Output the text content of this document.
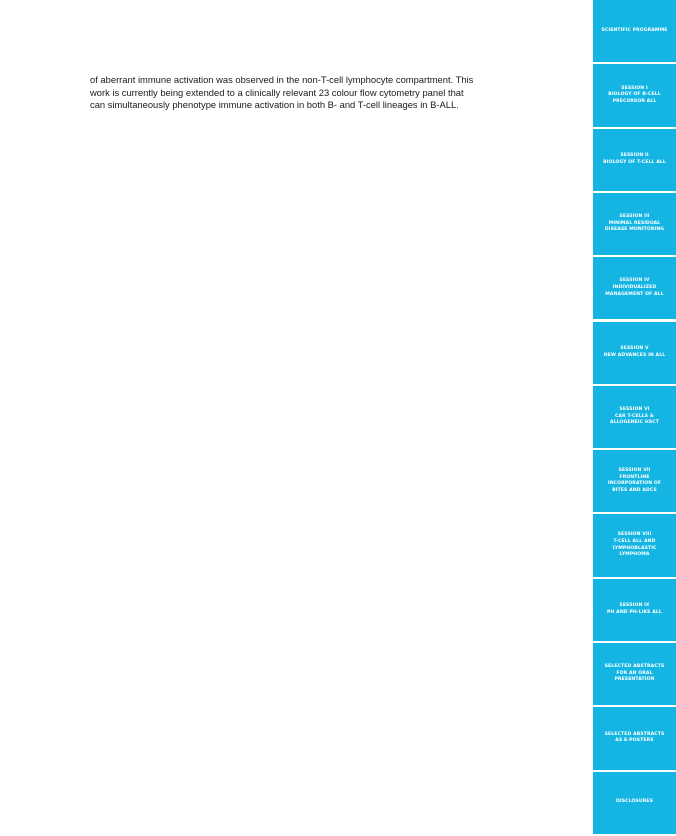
of aberrant immune activation was observed in the non-T-cell lymphocyte compartment. This
work is currently being extended to a clinically relevant 23 colour flow cytometry panel that
can simultaneously phenotype immune activation in both B- and T-cell lineages in B-ALL.

SCIENTIFIC PROGRAMME
SESSION I
BIOLOGY OF B-CELL
PRECURSOR ALL
SESSION II
BIOLOGY OF T-CELL ALL
SESSION III
MINIMAL RESIDUAL
DISEASE MONITORING
SESSION IV
INDIVIDUALIZED
MANAGEMENT OF ALL
SESSION V
NEW ADVANCES IN ALL
SESSION VI
CAR T-CELLS &
ALLOGENEIC HSCT
SESSION VII
FRONTLINE
INCORPORATION OF
BITES AND ADCS
SESSION VIII
T-CELL ALL AND
LYMPHOBLASTIC
LYMPHOMA
SESSION IX
PH AND PH-LIKE ALL
SELECTED ABSTRACTS
FOR AN ORAL
PRESENTATION
SELECTED ABSTRACTS
AS E-POSTERS
DISCLOSURES
